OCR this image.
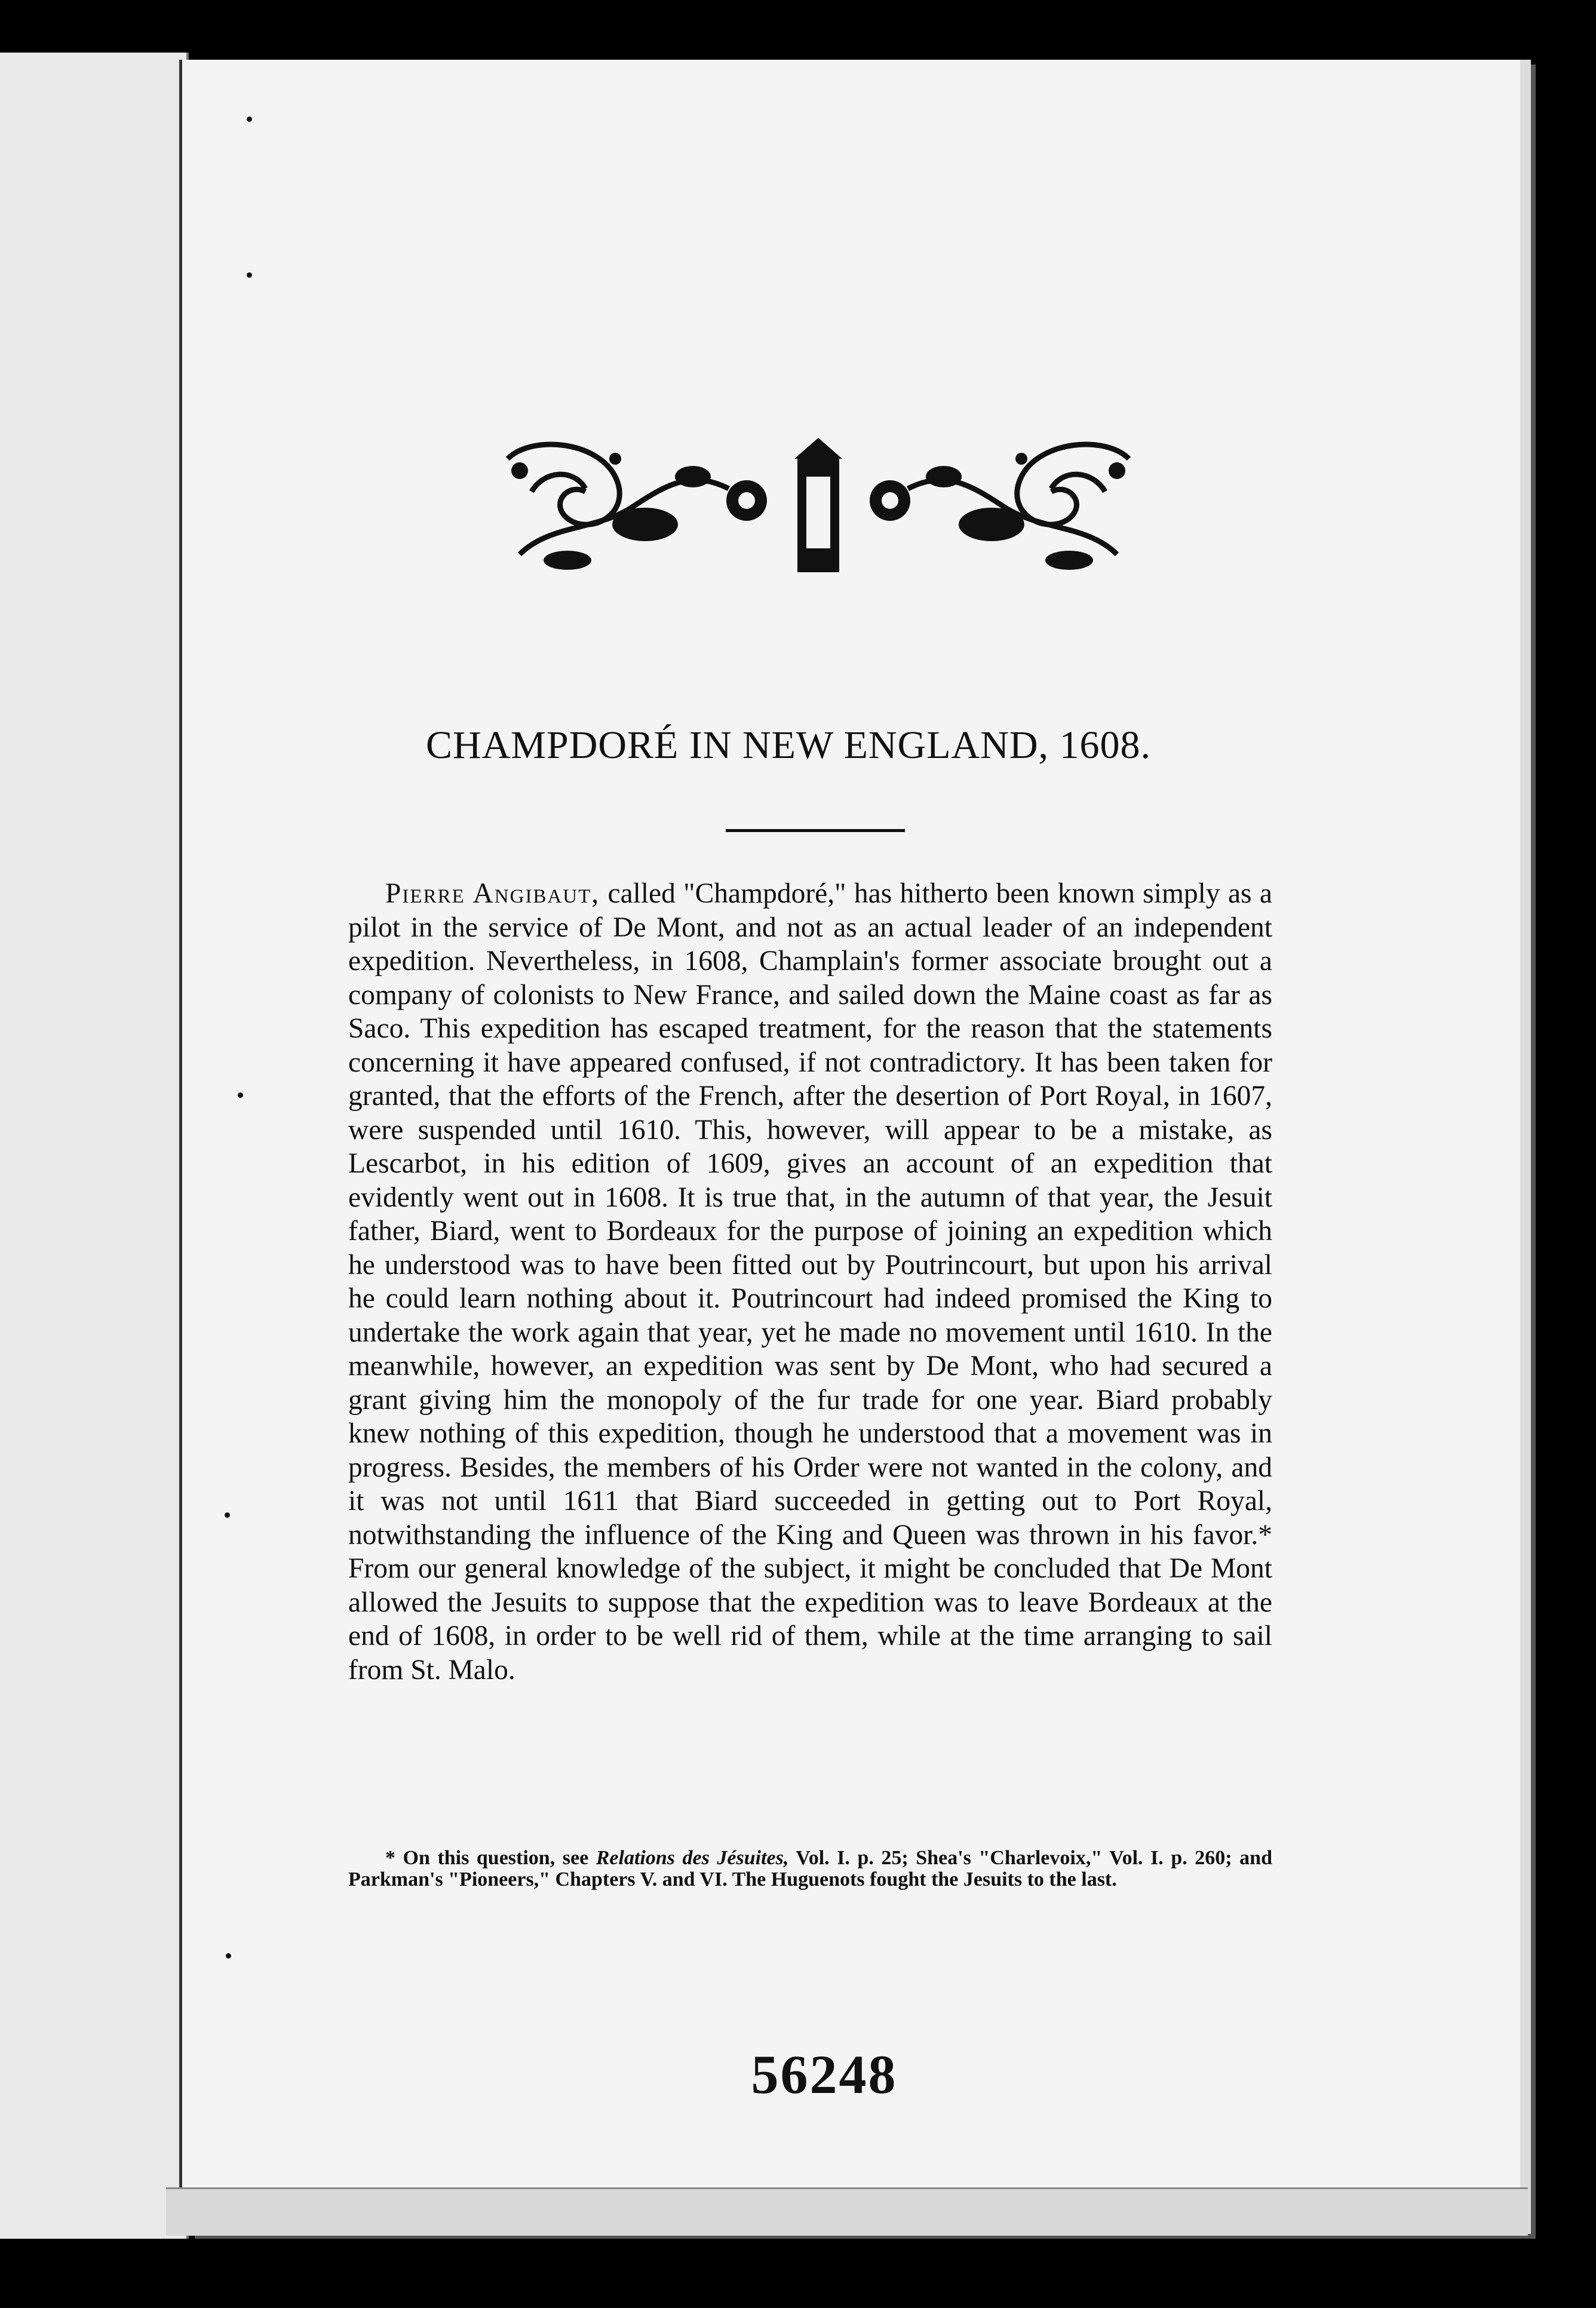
CHAMPDORÉ IN NEW ENGLAND, 1608.

Pierre Angibaut, called "Champdoré," has hitherto been known simply as a pilot in the service of De Mont, and not as an actual leader of an independent expedition. Nevertheless, in 1608, Champlain's former associate brought out a company of colonists to New France, and sailed down the Maine coast as far as Saco. This expedition has escaped treatment, for the reason that the statements concerning it have appeared confused, if not contradictory. It has been taken for granted, that the efforts of the French, after the desertion of Port Royal, in 1607, were suspended until 1610. This, however, will appear to be a mistake, as Lescarbot, in his edition of 1609, gives an account of an expedition that evidently went out in 1608. It is true that, in the autumn of that year, the Jesuit father, Biard, went to Bordeaux for the purpose of joining an expedition which he understood was to have been fitted out by Poutrincourt, but upon his arrival he could learn nothing about it. Poutrincourt had indeed promised the King to undertake the work again that year, yet he made no movement until 1610. In the meanwhile, however, an expedition was sent by De Mont, who had secured a grant giving him the monopoly of the fur trade for one year. Biard probably knew nothing of this expedition, though he understood that a movement was in progress. Besides, the members of his Order were not wanted in the colony, and it was not until 1611 that Biard succeeded in getting out to Port Royal, notwithstanding the influence of the King and Queen was thrown in his favor.* From our general knowledge of the subject, it might be concluded that De Mont allowed the Jesuits to suppose that the expedition was to leave Bordeaux at the end of 1608, in order to be well rid of them, while at the time arranging to sail from St. Malo.

* On this question, see Relations des Jésuites, Vol. I. p. 25; Shea's "Charlevoix," Vol. I. p. 260; and Parkman's "Pioneers," Chapters V. and VI. The Huguenots fought the Jesuits to the last.

56248
